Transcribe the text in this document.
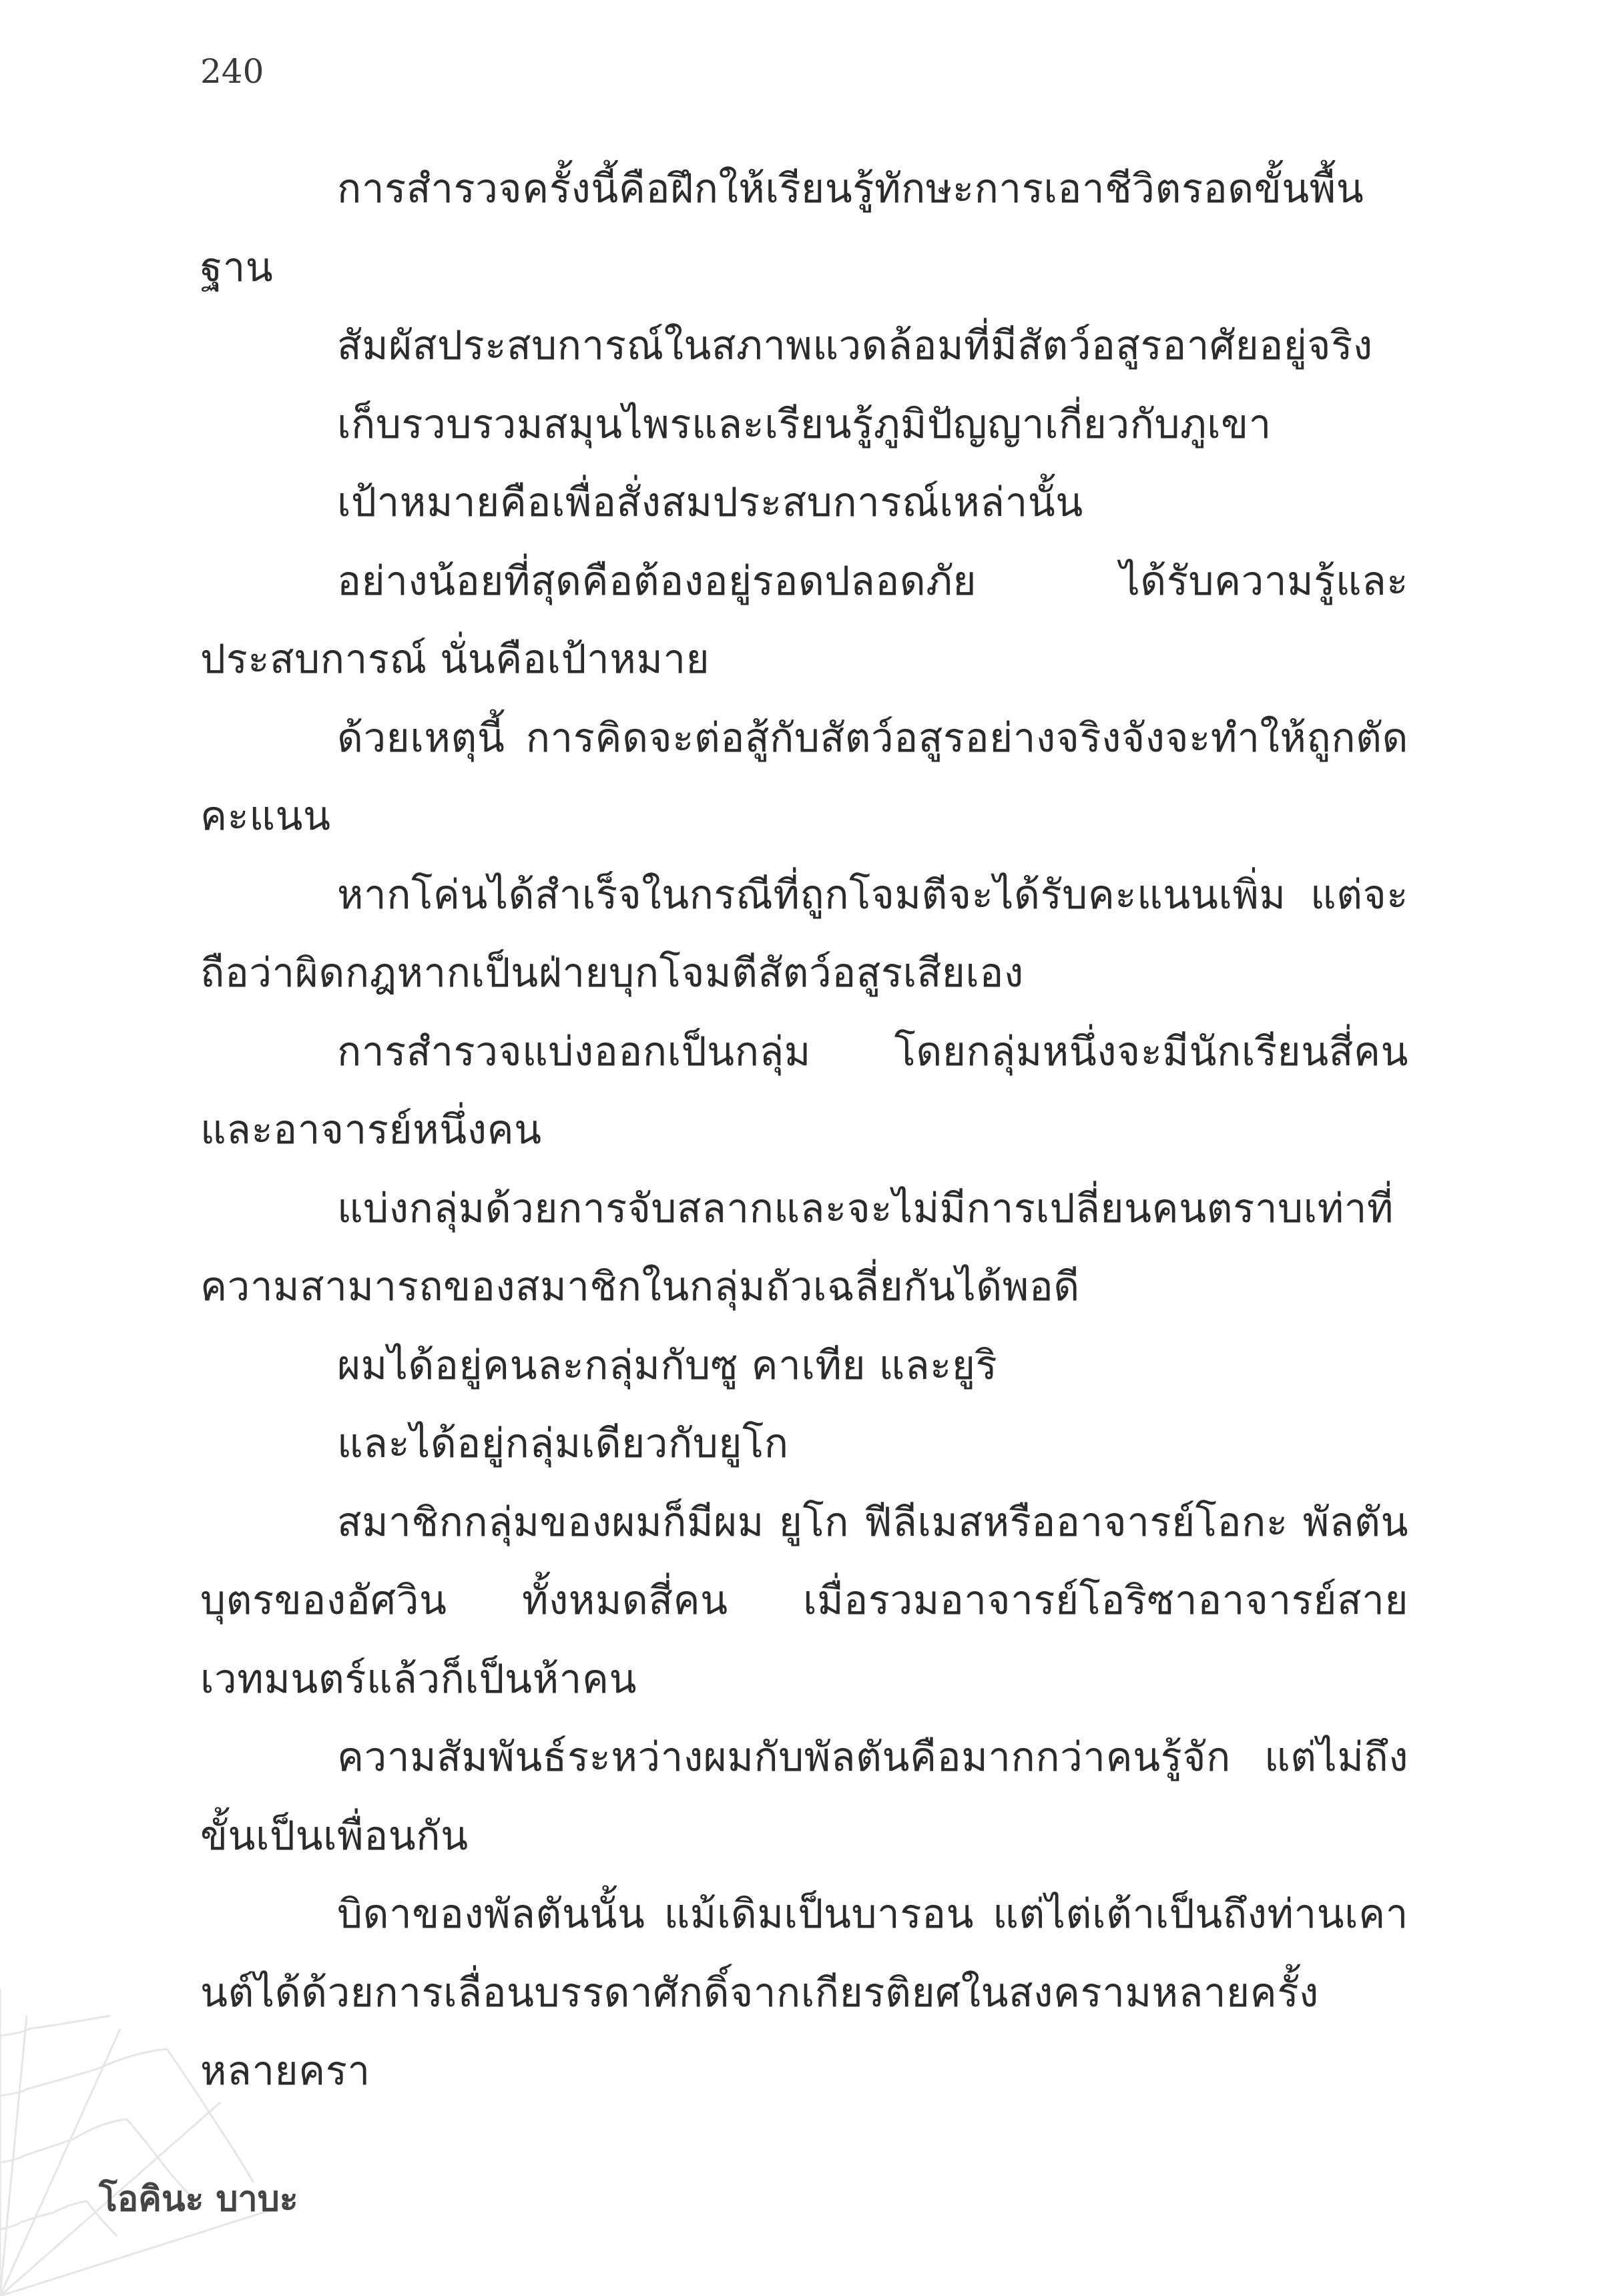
240

การสำรวจครั้งนี้คือฝึกให้เรียนรู้ทักษะการเอาชีวิตรอดขั้นพื้นฐาน

สัมผัสประสบการณ์ในสภาพแวดล้อมที่มีสัตว์อสูรอาศัยอยู่จริง

เก็บรวบรวมสมุนไพรและเรียนรู้ภูมิปัญญาเกี่ยวกับภูเขา

เป้าหมายคือเพื่อสั่งสมประสบการณ์เหล่านั้น

อย่างน้อยที่สุดคือต้องอยู่รอดปลอดภัย ได้รับความรู้และประสบการณ์ นั่นคือเป้าหมาย

ด้วยเหตุนี้ การคิดจะต่อสู้กับสัตว์อสูรอย่างจริงจังจะทำให้ถูกตัดคะแนน

หากโค่นได้สำเร็จในกรณีที่ถูกโจมตีจะได้รับคะแนนเพิ่ม แต่จะถือว่าผิดกฎหากเป็นฝ่ายบุกโจมตีสัตว์อสูรเสียเอง

การสำรวจแบ่งออกเป็นกลุ่ม โดยกลุ่มหนึ่งจะมีนักเรียนสี่คนและอาจารย์หนึ่งคน

แบ่งกลุ่มด้วยการจับสลากและจะไม่มีการเปลี่ยนคนตราบเท่าที่ความสามารถของสมาชิกในกลุ่มถัวเฉลี่ยกันได้พอดี

ผมได้อยู่คนละกลุ่มกับซู คาเทีย และยูริ

และได้อยู่กลุ่มเดียวกับยูโก

สมาชิกกลุ่มของผมก็มีผม ยูโก ฟีลีเมสหรืออาจารย์โอกะ พัลตัน บุตรของอัศวิน ทั้งหมดสี่คน เมื่อรวมอาจารย์โอริซาอาจารย์สายเวทมนตร์แล้วก็เป็นห้าคน

ความสัมพันธ์ระหว่างผมกับพัลตันคือมากกว่าคนรู้จัก แต่ไม่ถึงขั้นเป็นเพื่อนกัน

บิดาของพัลตันนั้น แม้เดิมเป็นบารอน แต่ไต่เต้าเป็นถึงท่านเคานต์ได้ด้วยการเลื่อนบรรดาศักดิ์จากเกียรติยศในสงครามหลายครั้งหลายครา

โอคินะ บาบะ
